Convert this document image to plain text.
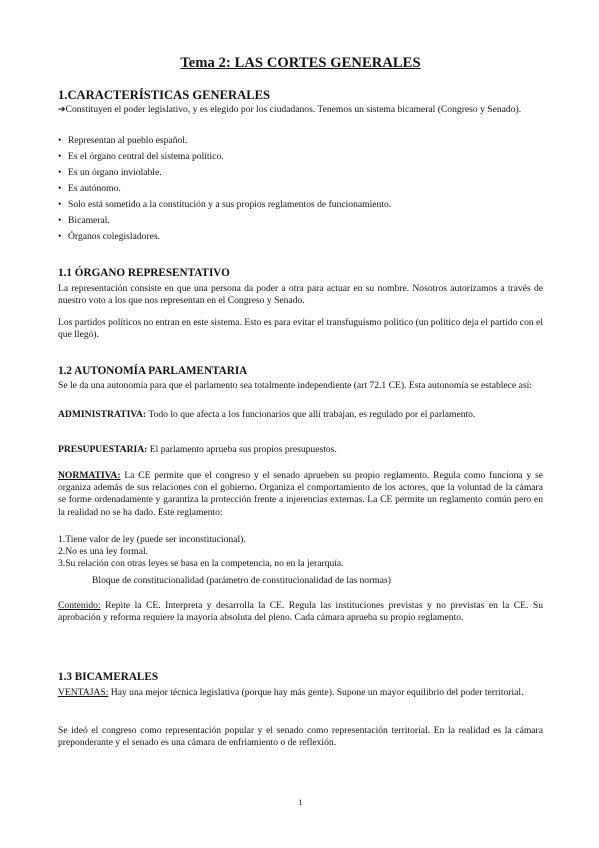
Tema 2: LAS CORTES GENERALES
1.CARACTERÍSTICAS GENERALES
➔Constituyen el poder legislativo, y es elegido por los ciudadanos. Tenemos un sistema bicameral (Congreso y Senado).
• Representan al pueblo español.
• Es el órgano central del sistema político.
• Es un órgano inviolable.
• Es autónomo.
• Solo está sometido a la constitución y a sus propios reglamentos de funcionamiento.
• Bicameral.
• Órganos colegisladores.
1.1 ÓRGANO REPRESENTATIVO
La representación consiste en que una persona da poder a otra para actuar en su nombre. Nosotros autorizamos a través de nuestro voto a los que nos representan en el Congreso y Senado.
Los partidos políticos no entran en este sistema. Esto es para evitar el transfuguismo político (un político deja el partido con el que llegó).
1.2 AUTONOMÍA PARLAMENTARIA
Se le da una autonomía para que el parlamento sea totalmente independiente (art 72.1 CE). Esta autonomía se establece así:
ADMINISTRATIVA: Todo lo que afecta a los funcionarios que allí trabajan, es regulado por el parlamento.
PRESUPUESTARIA: El parlamento aprueba sus propios presupuestos.
NORMATIVA: La CE permite que el congreso y el senado aprueben su propio reglamento. Regula como funciona y se organiza además de sus relaciones con el gobierno. Organiza el comportamiento de los actores, que la voluntad de la cámara se forme ordenadamente y garantiza la protección frente a injerencias externas. La CE permite un reglamento común pero en la realidad no se ha dado. Este reglamento:
1.Tiene valor de ley (puede ser inconstitucional).
2.No es una ley formal.
3.Su relación con otras leyes se basa en la competencia, no en la jerarquía.
Bloque de constitucionalidad (parámetro de constitucionalidad de las normas)
Contenido: Repite la CE. Interpreta y desarrolla la CE. Regula las instituciones previstas y no previstas en la CE. Su aprobación y reforma requiere la mayoría absoluta del pleno. Cada cámara aprueba su propio reglamento.
1.3 BICAMERALES
VENTAJAS: Hay una mejor técnica legislativa (porque hay más gente). Supone un mayor equilibrio del poder territorial.
Se ideó el congreso como representación popular y el senado como representación territorial. En la realidad es la cámara preponderante y el senado es una cámara de enfriamiento o de reflexión.
1
